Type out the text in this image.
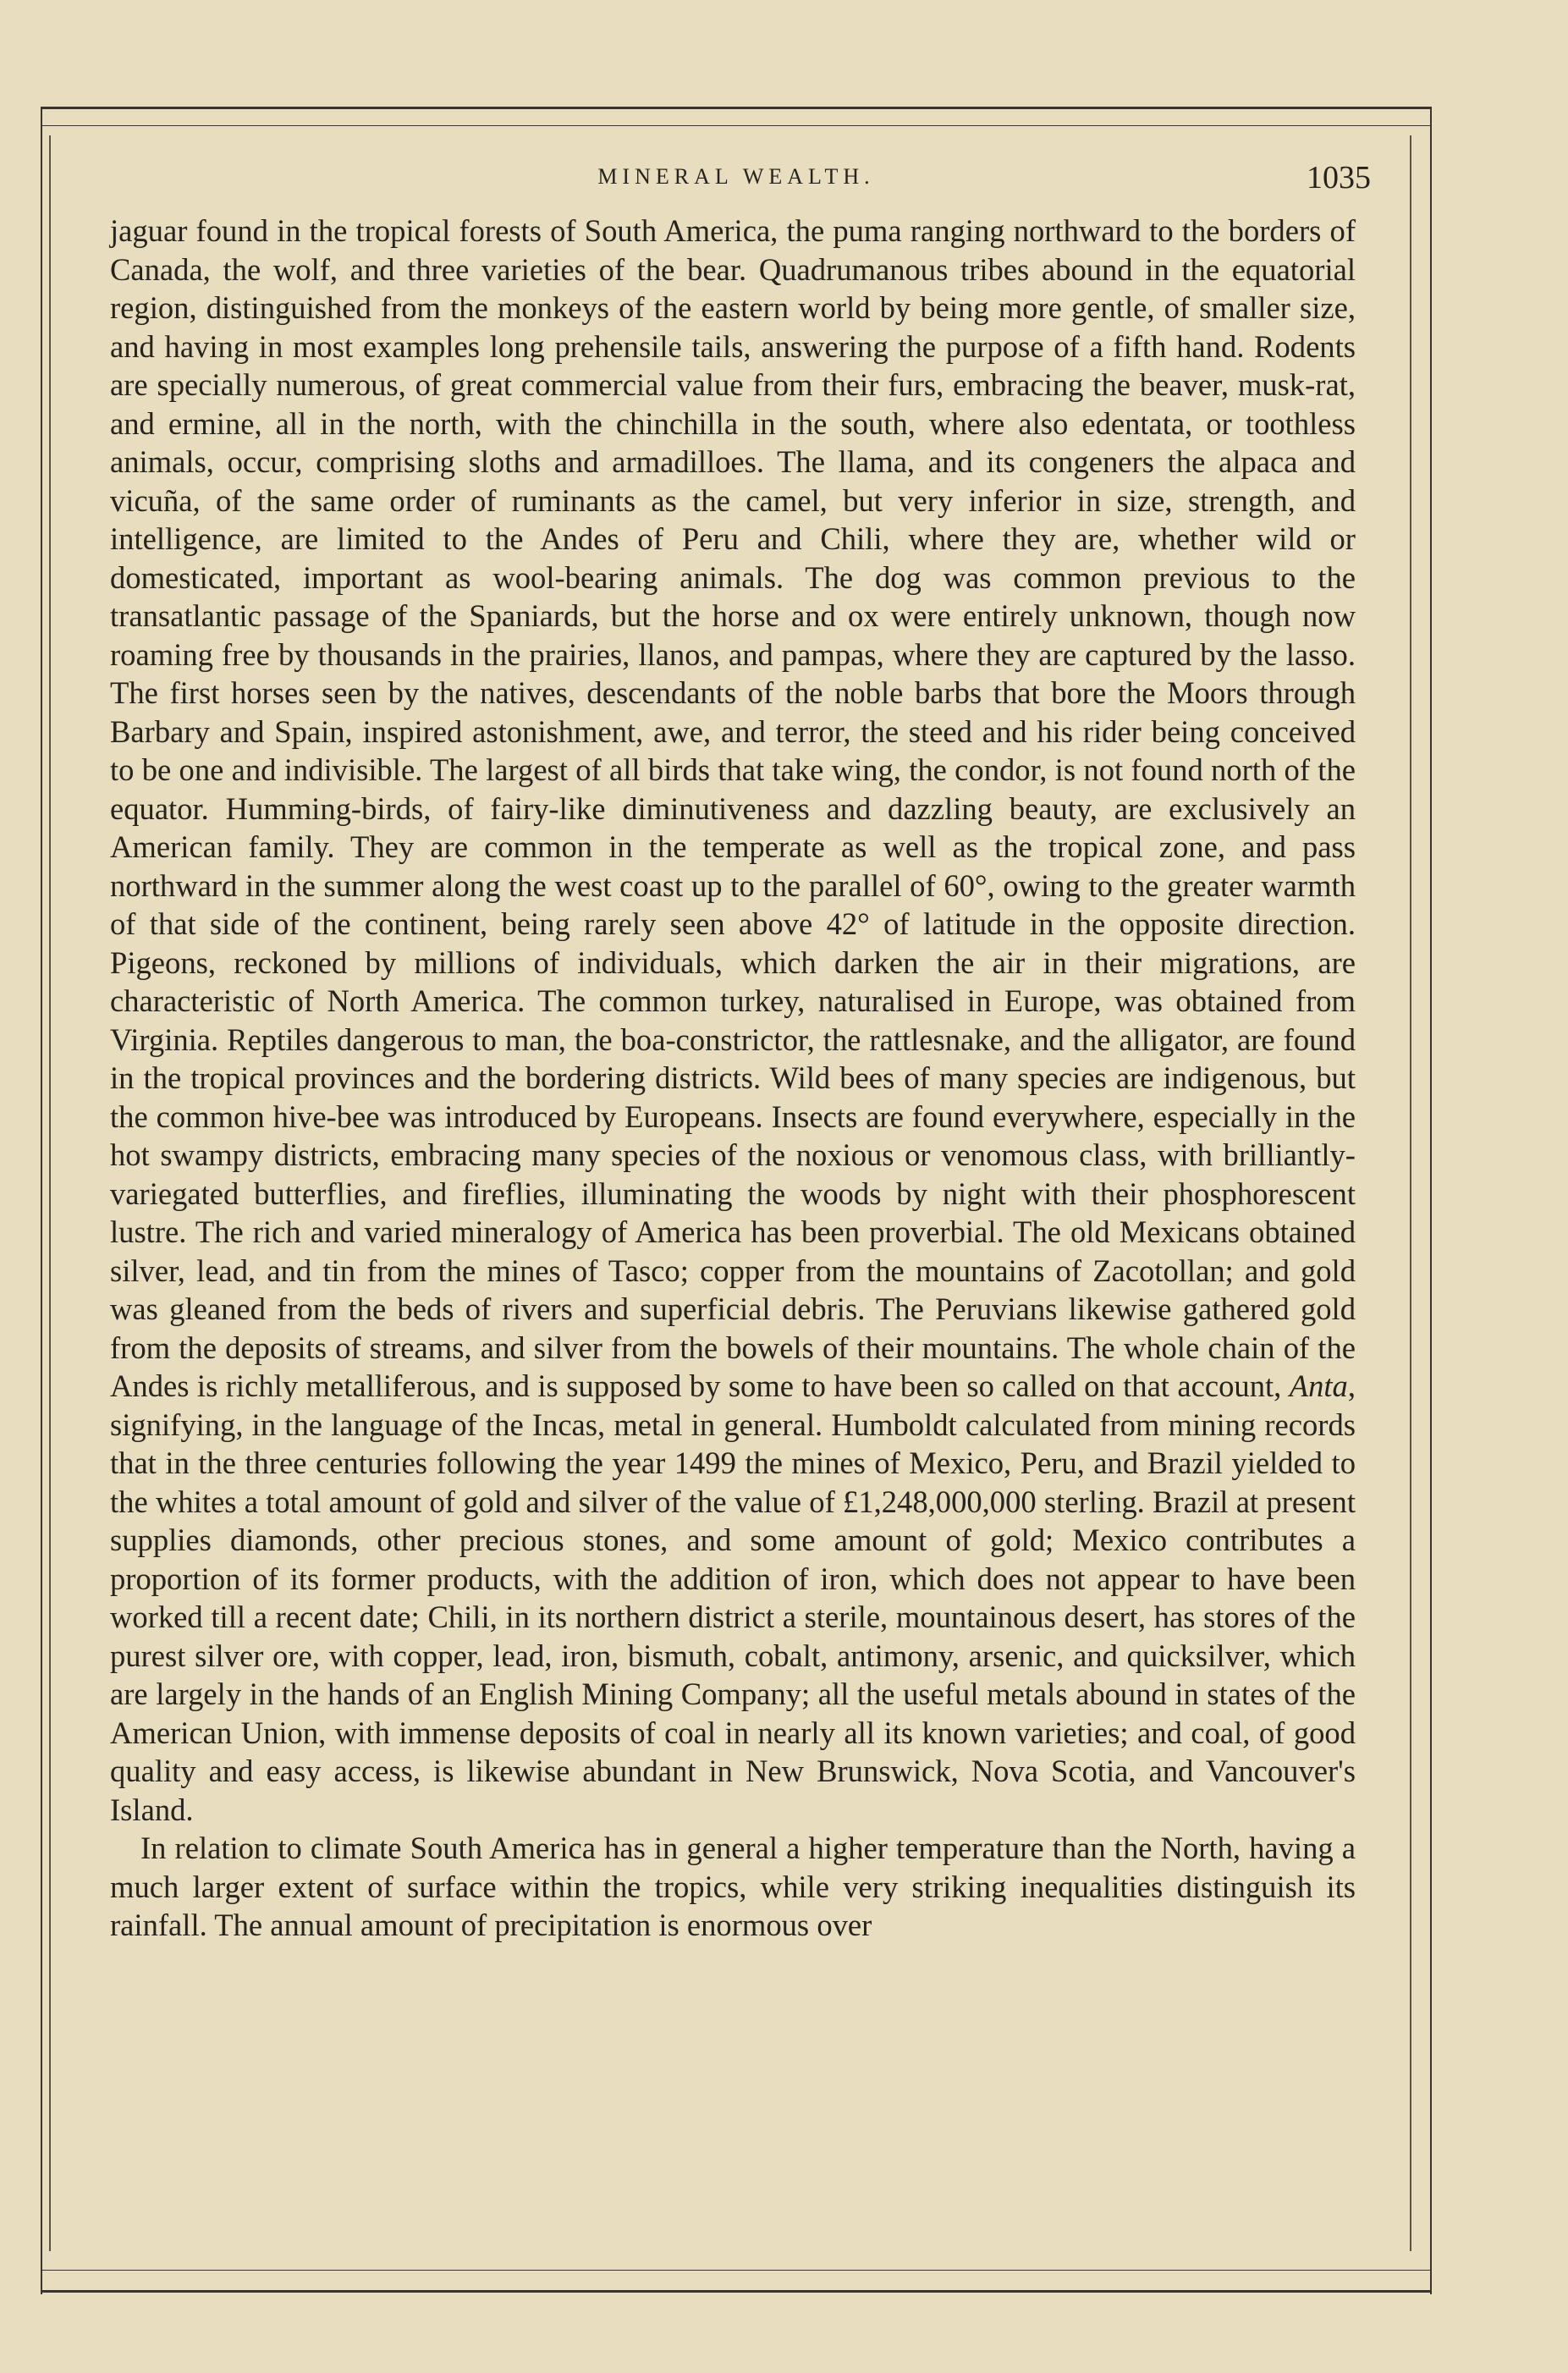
MINERAL WEALTH.	1035

jaguar found in the tropical forests of South America, the puma ranging northward to the borders of Canada, the wolf, and three varieties of the bear. Quadrumanous tribes abound in the equatorial region, distinguished from the monkeys of the eastern world by being more gentle, of smaller size, and having in most examples long prehensile tails, answering the purpose of a fifth hand. Rodents are specially numerous, of great commercial value from their furs, embracing the beaver, musk-rat, and ermine, all in the north, with the chinchilla in the south, where also edentata, or toothless animals, occur, comprising sloths and armadilloes. The llama, and its congeners the alpaca and vicuña, of the same order of ruminants as the camel, but very inferior in size, strength, and intelligence, are limited to the Andes of Peru and Chili, where they are, whether wild or domesticated, important as wool-bearing animals. The dog was common previous to the transatlantic passage of the Spaniards, but the horse and ox were entirely unknown, though now roaming free by thousands in the prairies, llanos, and pampas, where they are captured by the lasso. The first horses seen by the natives, descendants of the noble barbs that bore the Moors through Barbary and Spain, inspired astonishment, awe, and terror, the steed and his rider being conceived to be one and indivisible. The largest of all birds that take wing, the condor, is not found north of the equator. Humming-birds, of fairy-like diminutiveness and dazzling beauty, are exclusively an American family. They are common in the temperate as well as the tropical zone, and pass northward in the summer along the west coast up to the parallel of 60°, owing to the greater warmth of that side of the continent, being rarely seen above 42° of latitude in the opposite direction. Pigeons, reckoned by millions of individuals, which darken the air in their migrations, are characteristic of North America. The common turkey, naturalised in Europe, was obtained from Virginia. Reptiles dangerous to man, the boa-constrictor, the rattlesnake, and the alligator, are found in the tropical provinces and the bordering districts. Wild bees of many species are indigenous, but the common hive-bee was introduced by Europeans. Insects are found everywhere, especially in the hot swampy districts, embracing many species of the noxious or venomous class, with brilliantly-variegated butterflies, and fireflies, illuminating the woods by night with their phosphorescent lustre. The rich and varied mineralogy of America has been proverbial. The old Mexicans obtained silver, lead, and tin from the mines of Tasco; copper from the mountains of Zacotollan; and gold was gleaned from the beds of rivers and superficial debris. The Peruvians likewise gathered gold from the deposits of streams, and silver from the bowels of their mountains. The whole chain of the Andes is richly metalliferous, and is supposed by some to have been so called on that account, Anta, signifying, in the language of the Incas, metal in general. Humboldt calculated from mining records that in the three centuries following the year 1499 the mines of Mexico, Peru, and Brazil yielded to the whites a total amount of gold and silver of the value of £1,248,000,000 sterling. Brazil at present supplies diamonds, other precious stones, and some amount of gold; Mexico contributes a proportion of its former products, with the addition of iron, which does not appear to have been worked till a recent date; Chili, in its northern district a sterile, mountainous desert, has stores of the purest silver ore, with copper, lead, iron, bismuth, cobalt, antimony, arsenic, and quicksilver, which are largely in the hands of an English Mining Company; all the useful metals abound in states of the American Union, with immense deposits of coal in nearly all its known varieties; and coal, of good quality and easy access, is likewise abundant in New Brunswick, Nova Scotia, and Vancouver's Island.

In relation to climate South America has in general a higher temperature than the North, having a much larger extent of surface within the tropics, while very striking inequalities distinguish its rainfall. The annual amount of precipitation is enormous over
